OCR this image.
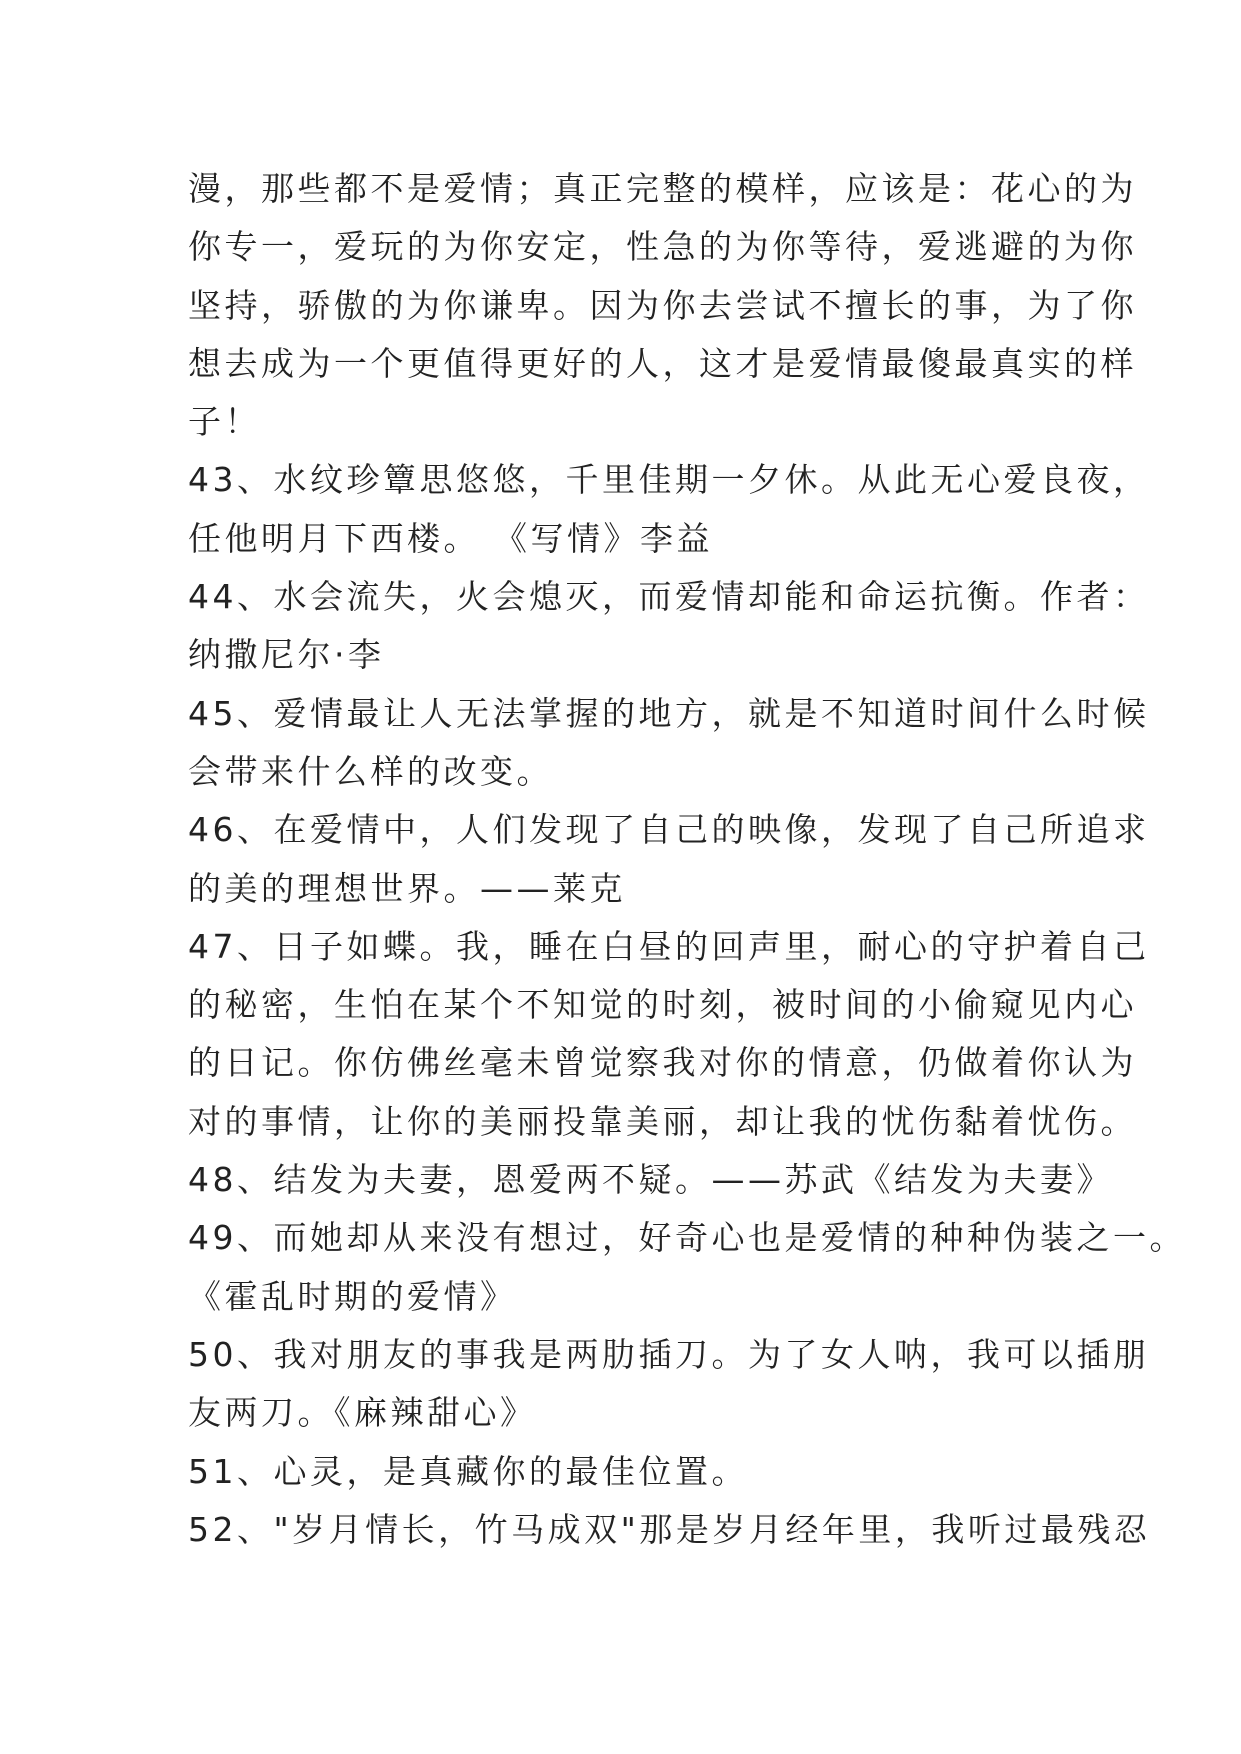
漫，那些都不是爱情；真正完整的模样，应该是：花心的为
你专一，爱玩的为你安定，性急的为你等待，爱逃避的为你
坚持，骄傲的为你谦卑。因为你去尝试不擅长的事，为了你
想去成为一个更值得更好的人，这才是爱情最傻最真实的样
子！
43、水纹珍簟思悠悠，千里佳期一夕休。从此无心爱良夜，
任他明月下西楼。 《写情》李益
44、水会流失，火会熄灭，而爱情却能和命运抗衡。作者：
纳撒尼尔·李
45、爱情最让人无法掌握的地方，就是不知道时间什么时候
会带来什么样的改变。
46、在爱情中，人们发现了自己的映像，发现了自己所追求
的美的理想世界。——莱克
47、日子如蝶。我，睡在白昼的回声里，耐心的守护着自己
的秘密，生怕在某个不知觉的时刻，被时间的小偷窥见内心
的日记。你仿佛丝毫未曾觉察我对你的情意，仍做着你认为
对的事情，让你的美丽投靠美丽，却让我的忧伤黏着忧伤。
48、结发为夫妻，恩爱两不疑。——苏武《结发为夫妻》
49、而她却从来没有想过，好奇心也是爱情的种种伪装之一。
《霍乱时期的爱情》
50、我对朋友的事我是两肋插刀。为了女人呐，我可以插朋
友两刀。《麻辣甜心》
51、心灵，是真藏你的最佳位置。
52、"岁月情长，竹马成双"那是岁月经年里，我听过最残忍
